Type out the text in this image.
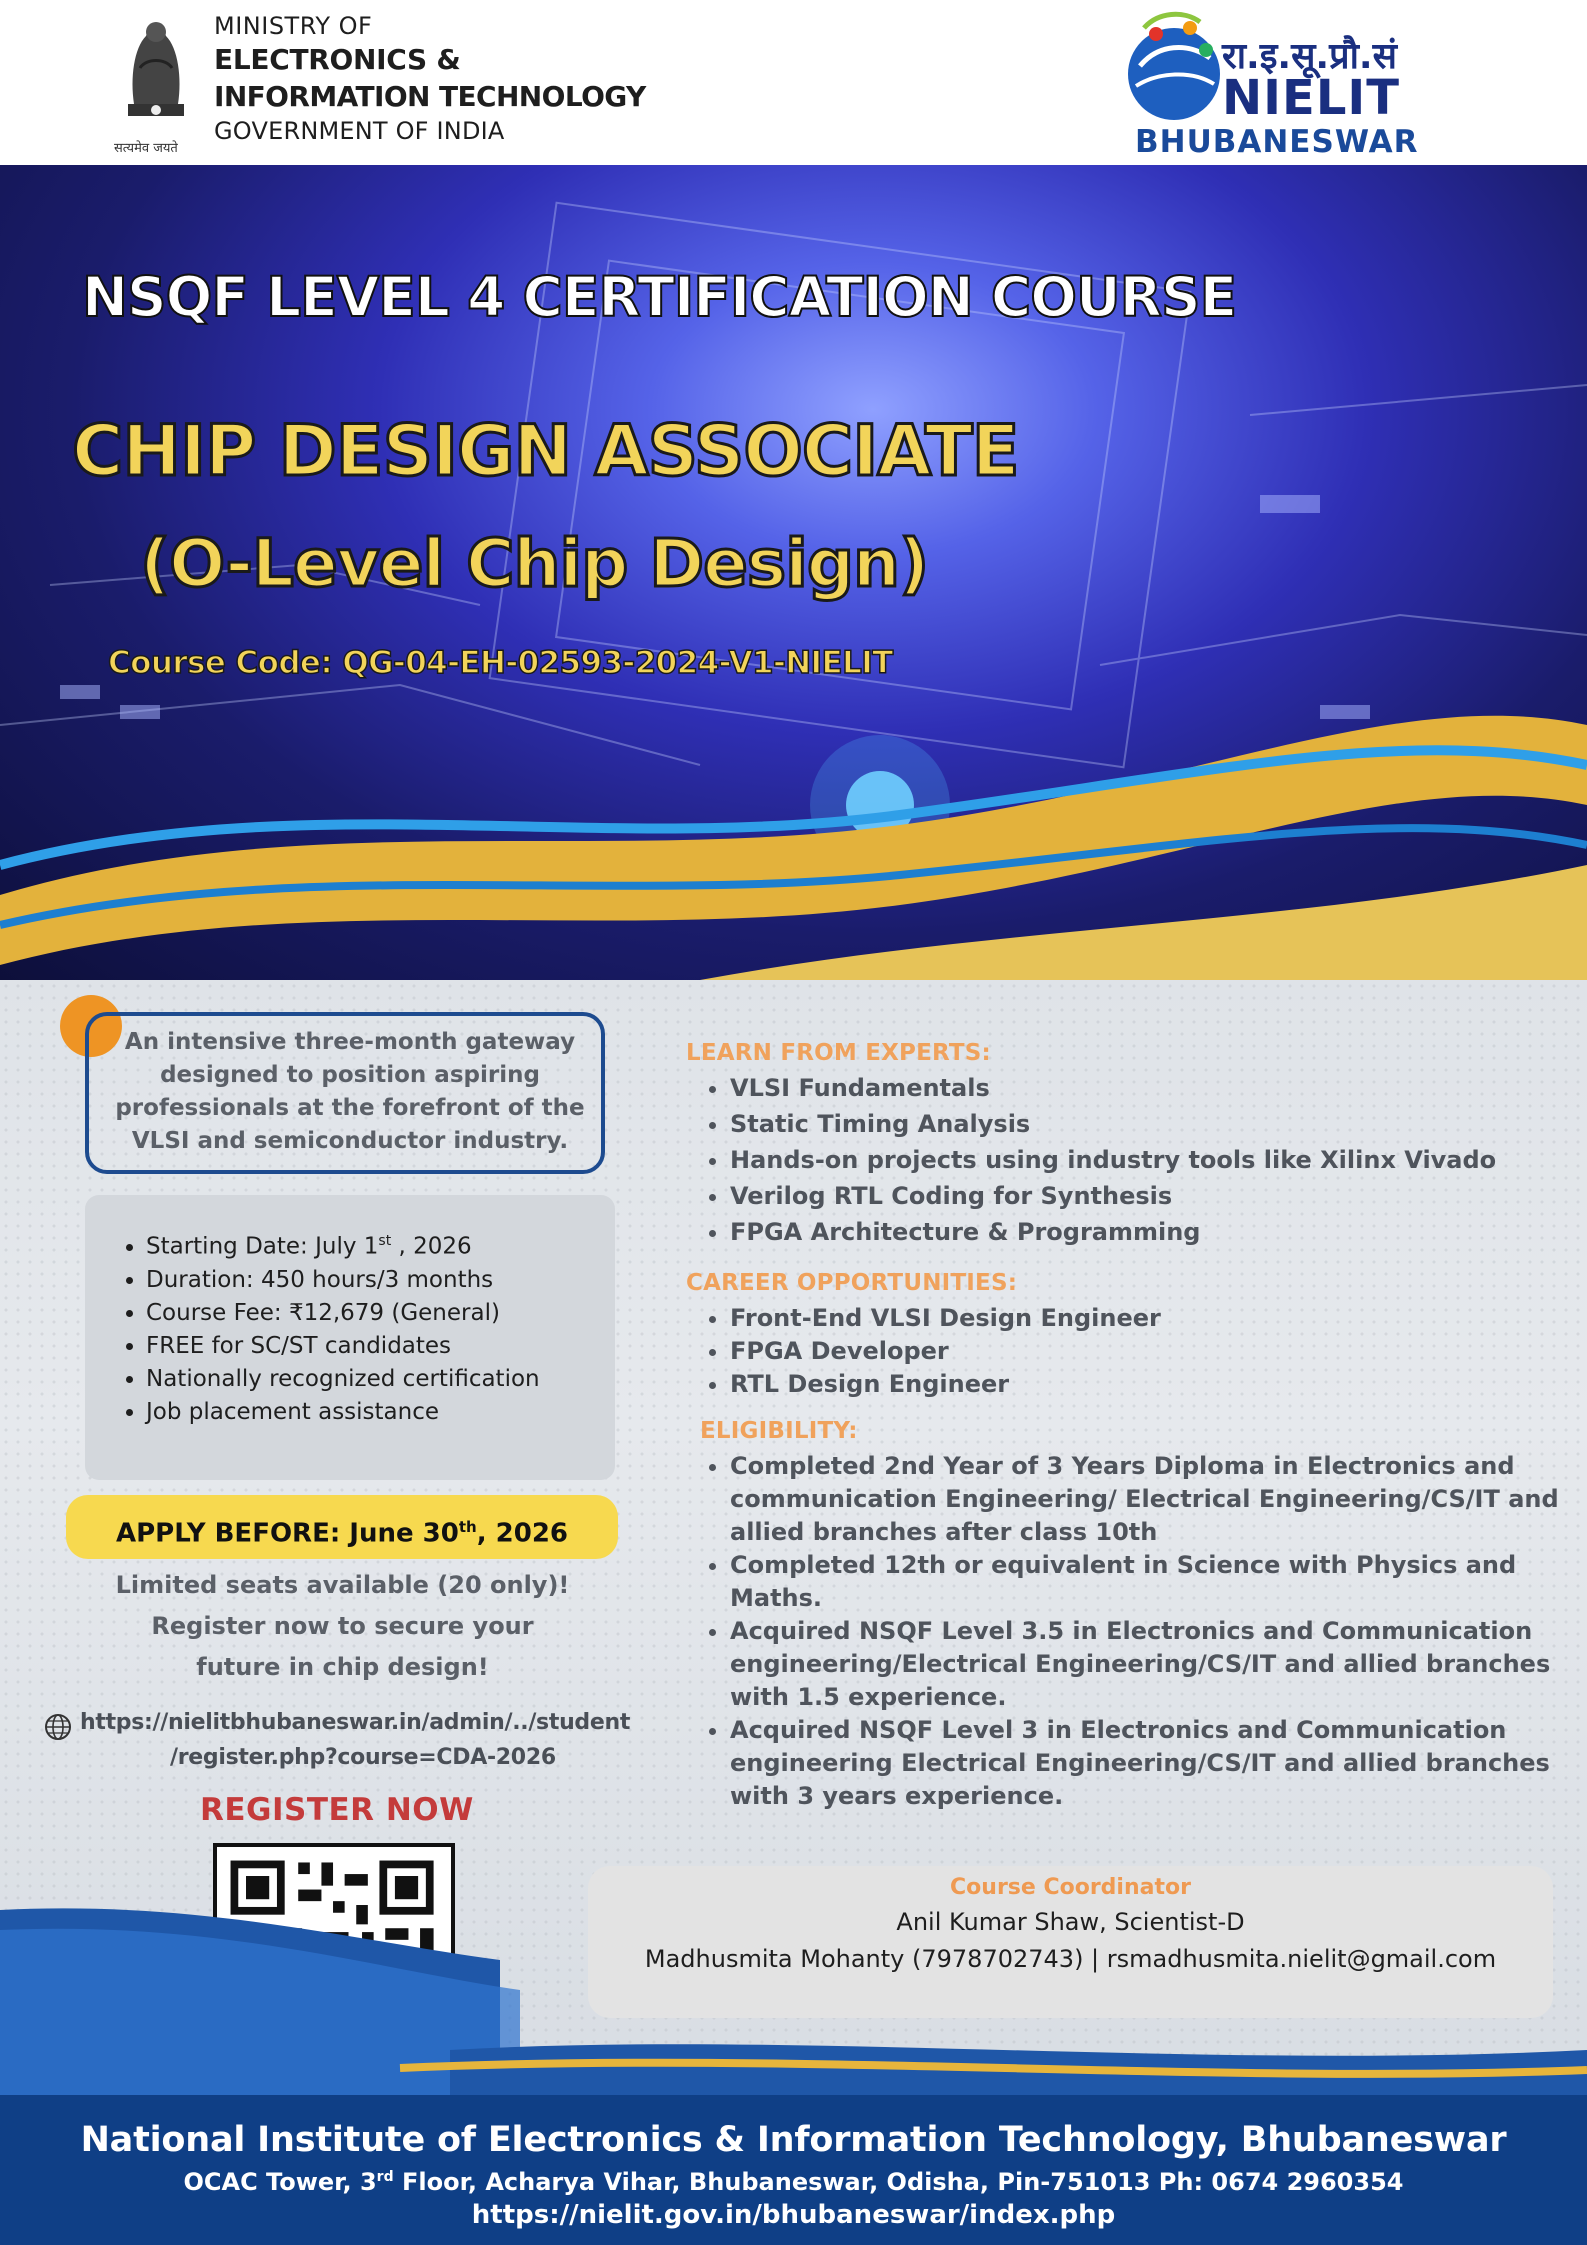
सत्यमेव जयते
MINISTRY OF
ELECTRONICS &
INFORMATION TECHNOLOGY
GOVERNMENT OF INDIA
रा.इ.सू.प्रौ.सं
NIELIT
BHUBANESWAR
NSQF LEVEL 4 CERTIFICATION COURSE
CHIP DESIGN ASSOCIATE
(O-Level Chip Design)
Course Code: QG-04-EH-02593-2024-V1-NIELIT
An intensive three-month gateway designed to position aspiring professionals at the forefront of the VLSI and semiconductor industry.
• Starting Date: July 1st , 2026
• Duration: 450 hours/3 months
• Course Fee: ₹12,679 (General)
• FREE for SC/ST candidates
• Nationally recognized certification
• Job placement assistance
APPLY BEFORE: June 30th, 2026
Limited seats available (20 only)!
Register now to secure your
future in chip design!
https://nielitbhubaneswar.in/admin/../student
/register.php?course=CDA-2026
REGISTER NOW
LEARN FROM EXPERTS:
• VLSI Fundamentals
• Static Timing Analysis
• Hands-on projects using industry tools like Xilinx Vivado
• Verilog RTL Coding for Synthesis
• FPGA Architecture & Programming
CAREER OPPORTUNITIES:
• Front-End VLSI Design Engineer
• FPGA Developer
• RTL Design Engineer
ELIGIBILITY:
• Completed 2nd Year of 3 Years Diploma in Electronics and communication Engineering/ Electrical Engineering/CS/IT and allied branches after class 10th
• Completed 12th or equivalent in Science with Physics and Maths.
• Acquired NSQF Level 3.5 in Electronics and Communication engineering/Electrical Engineering/CS/IT and allied branches with 1.5 experience.
• Acquired NSQF Level 3 in Electronics and Communication engineering Electrical Engineering/CS/IT and allied branches with 3 years experience.
Course Coordinator
Anil Kumar Shaw, Scientist-D
Madhusmita Mohanty (7978702743) | rsmadhusmita.nielit@gmail.com
National Institute of Electronics & Information Technology, Bhubaneswar
OCAC Tower, 3rd Floor, Acharya Vihar, Bhubaneswar, Odisha, Pin-751013 Ph: 0674 2960354
https://nielit.gov.in/bhubaneswar/index.php
